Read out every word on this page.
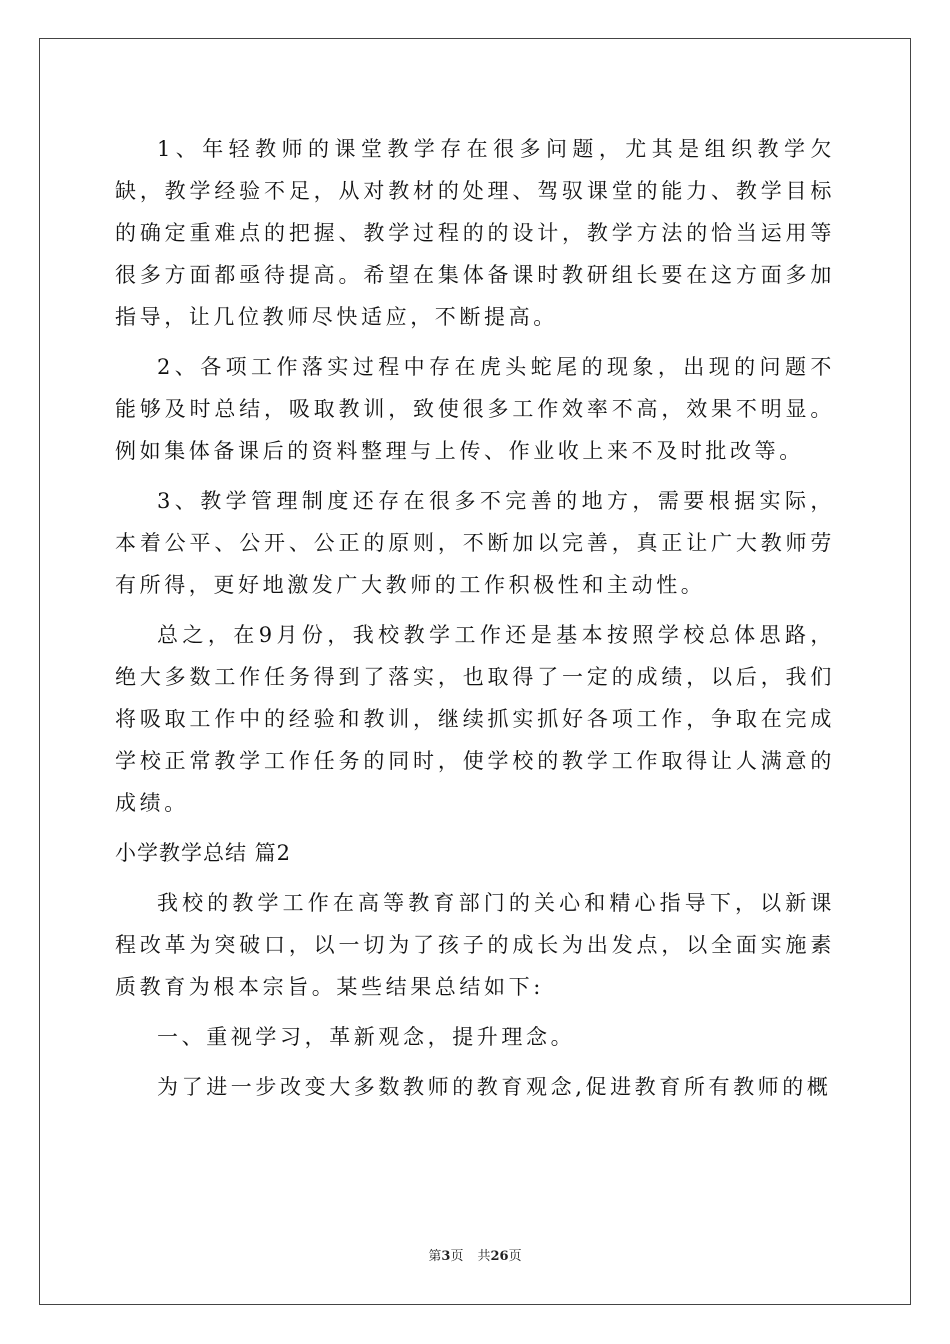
1、年轻教师的课堂教学存在很多问题，尤其是组织教学欠缺，教学经验不足，从对教材的处理、驾驭课堂的能力、教学目标的确定重难点的把握、教学过程的的设计，教学方法的恰当运用等很多方面都亟待提高。希望在集体备课时教研组长要在这方面多加指导，让几位教师尽快适应，不断提高。

2、各项工作落实过程中存在虎头蛇尾的现象，出现的问题不能够及时总结，吸取教训，致使很多工作效率不高，效果不明显。例如集体备课后的资料整理与上传、作业收上来不及时批改等。

3、教学管理制度还存在很多不完善的地方，需要根据实际，本着公平、公开、公正的原则，不断加以完善，真正让广大教师劳有所得，更好地激发广大教师的工作积极性和主动性。

总之，在9月份，我校教学工作还是基本按照学校总体思路，绝大多数工作任务得到了落实，也取得了一定的成绩，以后，我们将吸取工作中的经验和教训，继续抓实抓好各项工作，争取在完成学校正常教学工作任务的同时，使学校的教学工作取得让人满意的成绩。

小学教学总结 篇2

我校的教学工作在高等教育部门的关心和精心指导下，以新课程改革为突破口，以一切为了孩子的成长为出发点，以全面实施素质教育为根本宗旨。某些结果总结如下:

一、重视学习，革新观念，提升理念。

为了进一步改变大多数教师的教育观念,促进教育所有教师的概

第3页 共26页
